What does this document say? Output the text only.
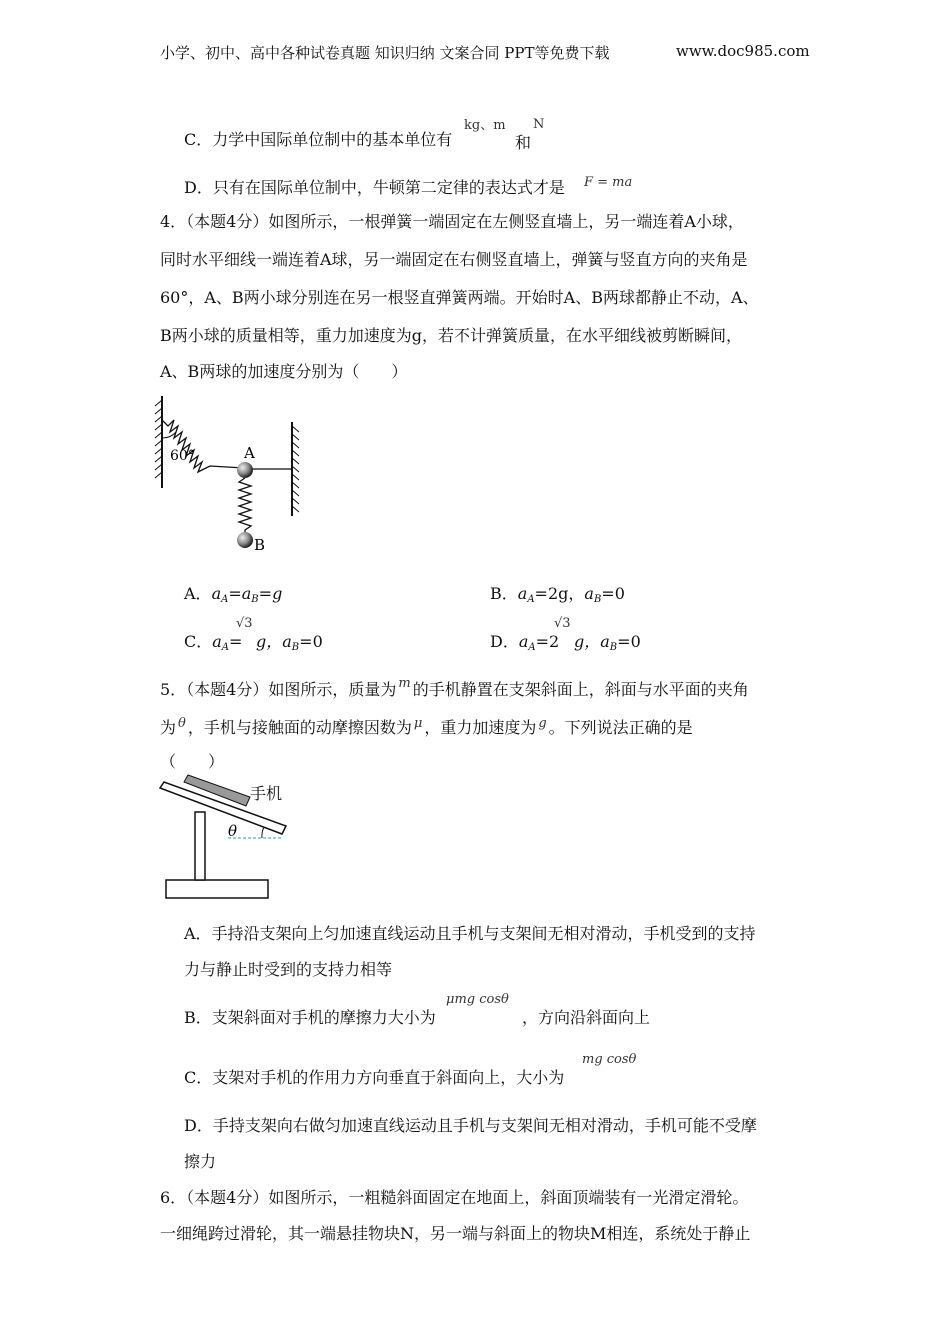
小学、初中、高中各种试卷真题 知识归纳 文案合同 PPT等免费下载	www.doc985.com
C．力学中国际单位制中的基本单位有
kg、m
和
N
D．只有在国际单位制中，牛顿第二定律的表达式才是 F = ma
4．（本题4分）如图所示，一根弹簧一端固定在左侧竖直墙上，另一端连着A小球，
同时水平细线一端连着A球，另一端固定在右侧竖直墙上，弹簧与竖直方向的夹角是
60°，A、B两小球分别连在另一根竖直弹簧两端。开始时A、B两球都静止不动，A、
B两小球的质量相等，重力加速度为g，若不计弹簧质量，在水平细线被剪断瞬间，
A、B两球的加速度分别为（　　）
60°	A
B
A．$a_A=a_B=g$	B．$a_A=2g$，$a_B=0$
C．$a_A=$
√3
g，$a_B=0$	D．$a_A=2$
√3
g，$a_B=0$
5．（本题4分）如图所示，质量为 $^m$ 的手机静置在支架斜面上，斜面与水平面的夹角
为 $^\theta$ ，手机与接触面的动摩擦因数为 $^\mu$ ，重力加速度为 $^g$ 。下列说法正确的是
（　　）
θ
手机
A．手持沿支架向上匀加速直线运动且手机与支架间无相对滑动，手机受到的支持
力与静止时受到的支持力相等
B．支架斜面对手机的摩擦力大小为
μmg cosθ
，方向沿斜面向上
C．支架对手机的作用力方向垂直于斜面向上，大小为
mg cosθ
D．手持支架向右做匀加速直线运动且手机与支架间无相对滑动，手机可能不受摩
擦力
6．（本题4分）如图所示，一粗糙斜面固定在地面上，斜面顶端装有一光滑定滑轮。
一细绳跨过滑轮，其一端悬挂物块N，另一端与斜面上的物块M相连，系统处于静止
